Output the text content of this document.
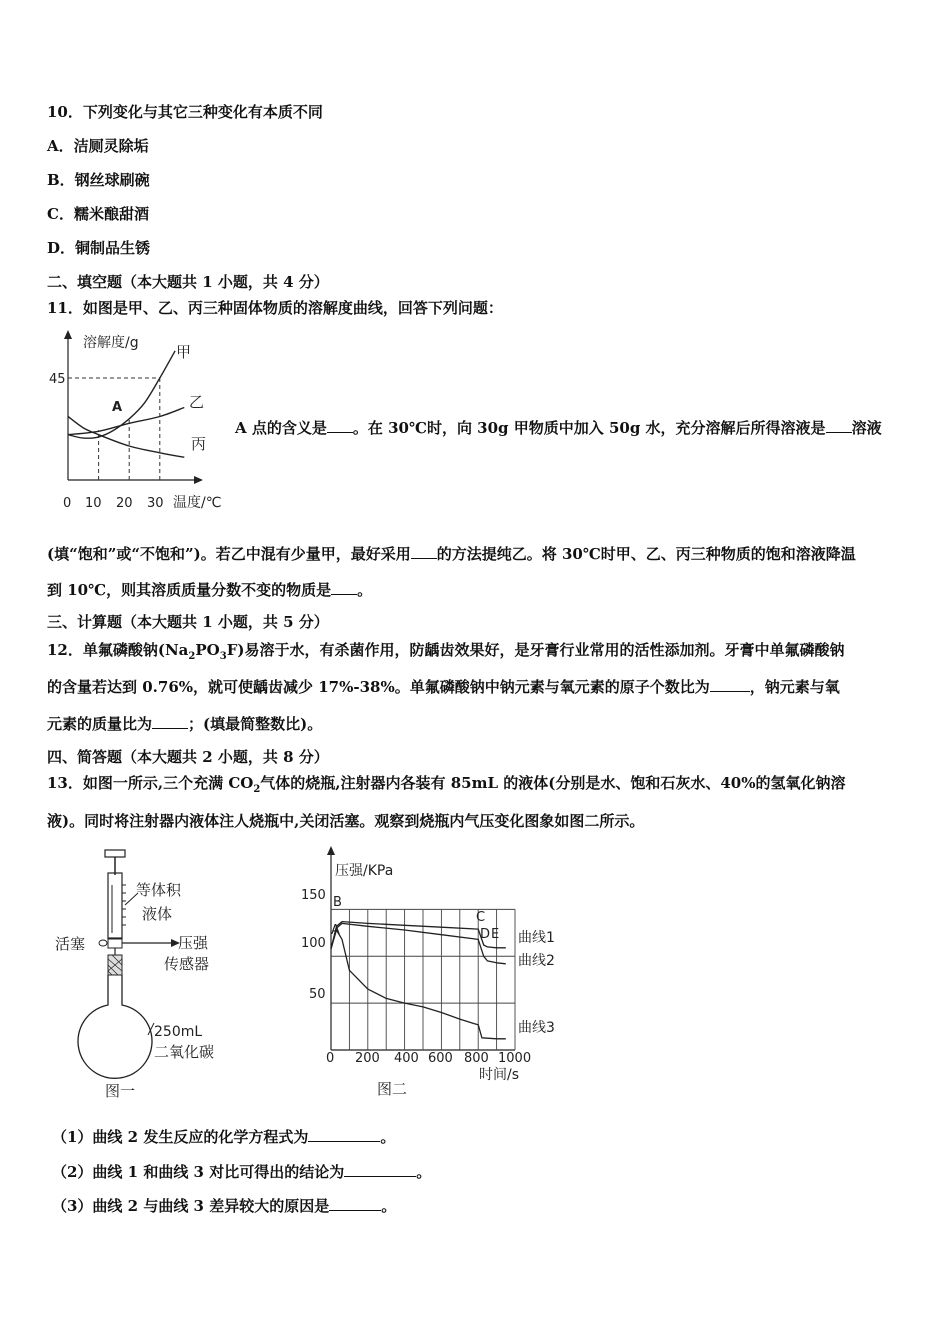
10．下列变化与其它三种变化有本质不同
A．洁厕灵除垢
B．钢丝球刷碗
C．糯米酿甜酒
D．铜制品生锈
二、填空题（本大题共 1 小题，共 4 分）
11．如图是甲、乙、丙三种固体物质的溶解度曲线，回答下列问题：
溶解度/g
温度/℃
45
0 10 20 30
A
甲
乙
丙
A 点的含义是 。在 30℃时，向 30g 甲物质中加入 50g 水，充分溶解后所得溶液是 溶液
(填“饱和”或“不饱和”)。若乙中混有少量甲，最好采用 的方法提纯乙。将 30℃时甲、乙、丙三种物质的饱和溶液降温
到 10℃，则其溶质质量分数不变的物质是 。
三、计算题（本大题共 1 小题，共 5 分）
12．单氟磷酸钠$(Na_2PO_3F)$易溶于水，有杀菌作用，防龋齿效果好，是牙膏行业常用的活性添加剂。牙膏中单氟磷酸钠
的含量若达到 0.76%，就可使龋齿减少 17%-38%。单氟磷酸钠中钠元素与氧元素的原子个数比为	，钠元素与氧
元素的质量比为 ；(填最简整数比)。
四、简答题（本大题共 2 小题，共 8 分）
13．如图一所示,三个充满 $CO_2$气体的烧瓶,注射器内各装有 85mL 的液体(分别是水、饱和石灰水、40%的氢氧化钠溶
液)。同时将注射器内液体注人烧瓶中,关闭活塞。观察到烧瓶内气压变化图象如图二所示。
等体积
液体
活塞	压强
传感器
250mL
二氧化碳
图一
压强/KPa
时间/s
150
100
50
0 200 400 600 800 1000
A
B
C
D E 曲线1
曲线2
曲线3
图二
（1）曲线 2 发生反应的化学方程式为	。
（2）曲线 1 和曲线 3 对比可得出的结论为	。
（3）曲线 2 与曲线 3 差异较大的原因是	。
